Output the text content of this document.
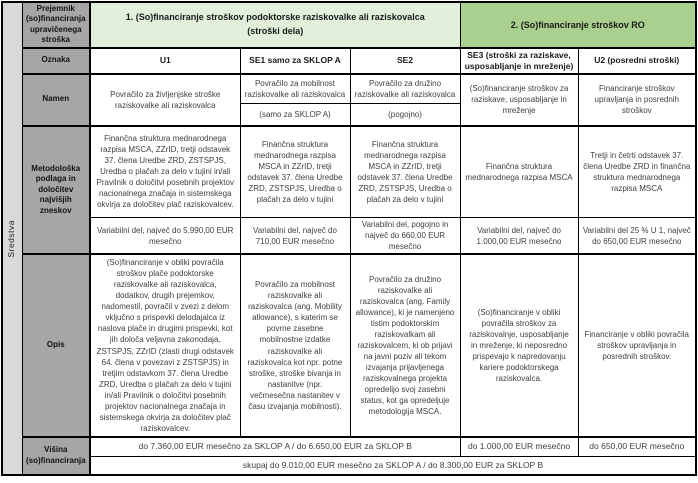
Sredstva	Prejemnik (so)financiranja upravičenega stroška	1. (So)financiranje stroškov podoktorske raziskovalke ali raziskovalca
(stroški dela)			2. (So)financiranje stroškov RO	

	Oznaka	U1	SE1 samo za SKLOP A	SE2	SE3 (stroški za raziskave, usposabljanje in mreženje)	U2 (posredni stroški)
	Namen	Povračilo za življenjske stroške raziskovalke ali raziskovalca	Povračilo za mobilnost raziskovalke ali raziskovalca	Povračilo za družino raziskovalke ali raziskovalca	(So)financiranje stroškov za raziskave, usposabljanje in mreženje	Financiranje stroškov upravljanja in posrednih stroškov
			(samo za SKLOP A)	(pogojno)		
	Metodološka podlaga in določitev najvišjih zneskov	Finančna struktura mednarodnega razpisa MSCA, ZZrID, tretji odstavek 37. člena Uredbe ZRD, ZSTSPJS, Uredba o plačah za delo v tujini in/ali Pravilnik o določitvi posebnih projektov nacionalnega značaja in sistemskega okvirja za določitev plač raziskovalcev.	Finančna struktura mednarodnega razpisa MSCA in ZZrID, tretji odstavek 37. člena Uredbe ZRD, ZSTSPJS, Uredba o plačah za delo v tujini	Finančna struktura mednarodnega razpisa MSCA in ZZrID, tretji odstavek 37. člena Uredbe ZRD, ZSTSPJS, Uredba o plačah za delo v tujini	Finančna struktura mednarodnega razpisa MSCA	Tretji in četrti odstavek 37. člena Uredbe ZRD in finančna struktura mednarodnega razpisa MSCA
		Variabilni del, največ do 5.990,00 EUR mesečno	Variabilni del, največ do 710,00 EUR mesečno	Variabilni del, pogojno in največ do 660,00 EUR mesečno	Variabilni del, največ do 1.000,00 EUR mesečno	Variabilni del 25 % U 1, največ do 650,00 EUR mesečno
Opis	(So)financiranje v obliki povračila stroškov plače podoktorske raziskovalke ali raziskovalca, dodatkov, drugih prejemkov, nadomestil, povračil v zvezi z delom vključno s prispevki delodajalca iz naslova plače in drugimi prispevki, kot jih določa veljavna zakonodaja, ZSTSPJS, ZZrID (zlasti drugi odstavek 64. člena v povezavi z ZSTSPJS) in tretjim odstavkom 37. člena Uredbe ZRD, Uredba o plačah za delo v tujini in/ali Pravilnik o določitvi posebnih projektov nacionalnega značaja in sistemskega okvirja za določitev plač raziskovalcev.	Povračilo za mobilnost raziskovalke ali raziskovalca (ang. Mobility allowance), s katerim se povrne zasebne mobilnostne izdatke raziskovalke ali raziskovalca kot npr. potne stroške, stroške bivanja in nastanitve (npr. večmesečna nastanitev v času izvajanja mobilnosti).	Povračilo za družino raziskovalke ali raziskovalca (ang. Family allowance), ki je namenjeno tistim podoktorskim raziskovalkam ali raziskovalcem, ki ob prijavi na javni poziv ali tekom izvajanja prijavljenega raziskovalnega projekta opredelijo svoj zasebni status, kot ga opredeljuje metodologija MSCA.	(So)financiranje v obliki povračila stroškov za raziskovalnje, usposabljanje in mreženje, ki neposredno prispevajo k napredovanju kariere podoktorskega raziskovalca.	Financiranje v obliki povračila stroškov upravljanja in posrednih stroškov.
	Višina (so)financiranja	do 7.360,00 EUR mesečno za SKLOP A / do 6.650,00 EUR za SKLOP B			do 1.000,00 EUR mesečno	do 650,00 EUR mesečno
		skupaj do 9.010,00 EUR mesečno za SKLOP A / do 8.300,00 EUR za SKLOP B				
